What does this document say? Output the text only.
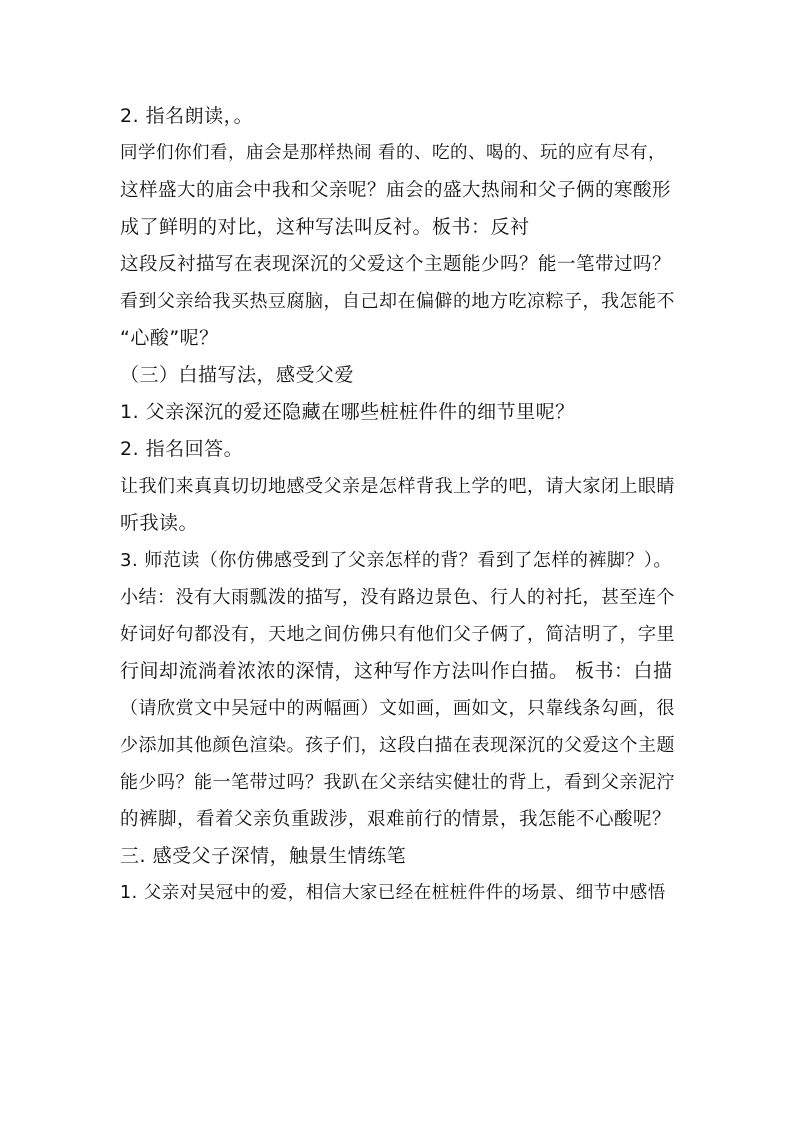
2. 指名朗读，。
同学们你们看，庙会是那样热闹 看的、吃的、喝的、玩的应有尽有，
这样盛大的庙会中我和父亲呢？庙会的盛大热闹和父子俩的寒酸形
成了鲜明的对比，这种写法叫反衬。板书：反衬
这段反衬描写在表现深沉的父爱这个主题能少吗？能一笔带过吗？
看到父亲给我买热豆腐脑，自己却在偏僻的地方吃凉粽子，我怎能不
“心酸”呢？
（三）白描写法，感受父爱
1. 父亲深沉的爱还隐藏在哪些桩桩件件的细节里呢？
2. 指名回答。
让我们来真真切切地感受父亲是怎样背我上学的吧，请大家闭上眼睛
听我读。
3. 师范读（你仿佛感受到了父亲怎样的背？看到了怎样的裤脚？）。
小结：没有大雨瓢泼的描写，没有路边景色、行人的衬托，甚至连个
好词好句都没有，天地之间仿佛只有他们父子俩了，简洁明了，字里
行间却流淌着浓浓的深情，这种写作方法叫作白描。 板书：白描
（请欣赏文中吴冠中的两幅画）文如画，画如文，只靠线条勾画，很
少添加其他颜色渲染。孩子们，这段白描在表现深沉的父爱这个主题
能少吗？能一笔带过吗？我趴在父亲结实健壮的背上，看到父亲泥泞
的裤脚，看着父亲负重跋涉，艰难前行的情景，我怎能不心酸呢？
三. 感受父子深情，触景生情练笔
1. 父亲对吴冠中的爱，相信大家已经在桩桩件件的场景、细节中感悟
